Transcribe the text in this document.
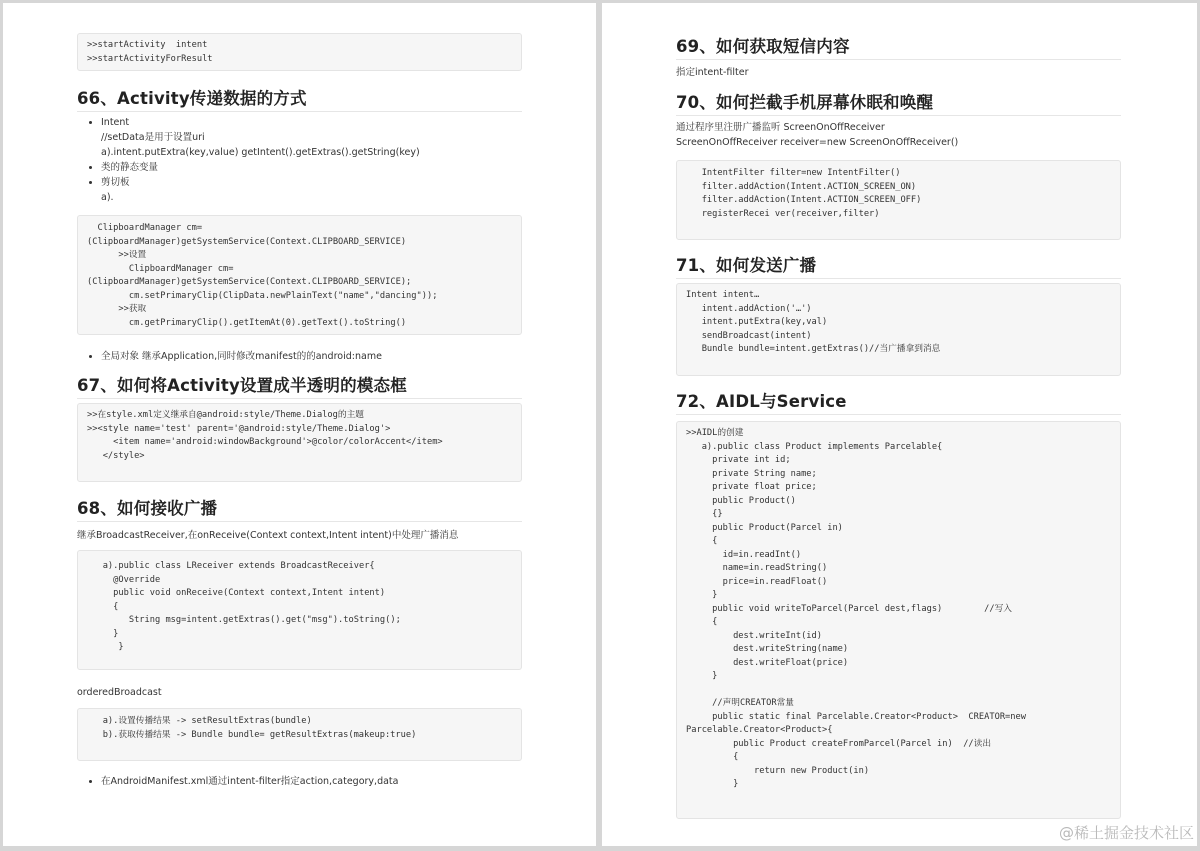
>>startActivity  intent
>>startActivityForResult
66、Activity传递数据的方式
• Intent
//setData是用于设置uri
a).intent.putExtra(key,value) getIntent().getExtras().getString(key)
• 类的静态变量
• 剪切板
a).
ClipboardManager cm=
(ClipboardManager)getSystemService(Context.CLIPBOARD_SERVICE)
>>设置
ClipboardManager cm=
(ClipboardManager)getSystemService(Context.CLIPBOARD_SERVICE);
cm.setPrimaryClip(ClipData.newPlainText("name","dancing"));
>>获取
cm.getPrimaryClip().getItemAt(0).getText().toString()
• 全局对象 继承Application,同时修改manifest的的android:name
67、如何将Activity设置成半透明的模态框
>>在style.xml定义继承自@android:style/Theme.Dialog的主题
>><style name='test' parent='@android:style/Theme.Dialog'>
<item name='android:windowBackground'>@color/colorAccent</item>
</style>
68、如何接收广播

继承BroadcastReceiver,在onReceive(Context context,Intent intent)中处理广播消息

a).public class LReceiver extends BroadcastReceiver{
@Override
public void onReceive(Context context,Intent intent)
{
String msg=intent.getExtras().get("msg").toString();
}
}

orderedBroadcast

a).设置传播结果 -> setResultExtras(bundle)
b).获取传播结果 -> Bundle bundle= getResultExtras(makeup:true)
• 在AndroidManifest.xml通过intent-filter指定action,category,data
69、如何获取短信内容

指定intent-filter

70、如何拦截手机屏幕休眠和唤醒

通过程序里注册广播监听 ScreenOnOffReceiver
ScreenOnOffReceiver receiver=new ScreenOnOffReceiver()

IntentFilter filter=new IntentFilter()
filter.addAction(Intent.ACTION_SCREEN_ON)
filter.addAction(Intent.ACTION_SCREEN_OFF)
registerRecei ver(receiver,filter)
71、如何发送广播
Intent intent…
intent.addAction('…')
intent.putExtra(key,val)
sendBroadcast(intent)
Bundle bundle=intent.getExtras()//当广播拿到消息
72、AIDL与Service
>>AIDL的创建
a).public class Product implements Parcelable{
private int id;
private String name;
private float price;
public Product()
{}
public Product(Parcel in)
{
id=in.readInt()
name=in.readString()
price=in.readFloat()
}
public void writeToParcel(Parcel dest,flags)        //写入
{
dest.writeInt(id)
dest.writeString(name)
dest.writeFloat(price)
}

//声明CREATOR常量
public static final Parcelable.Creator<Product>  CREATOR=new
Parcelable.Creator<Product>{
public Product createFromParcel(Parcel in)  //读出
{
return new Product(in)
}
@稀土掘金技术社区
